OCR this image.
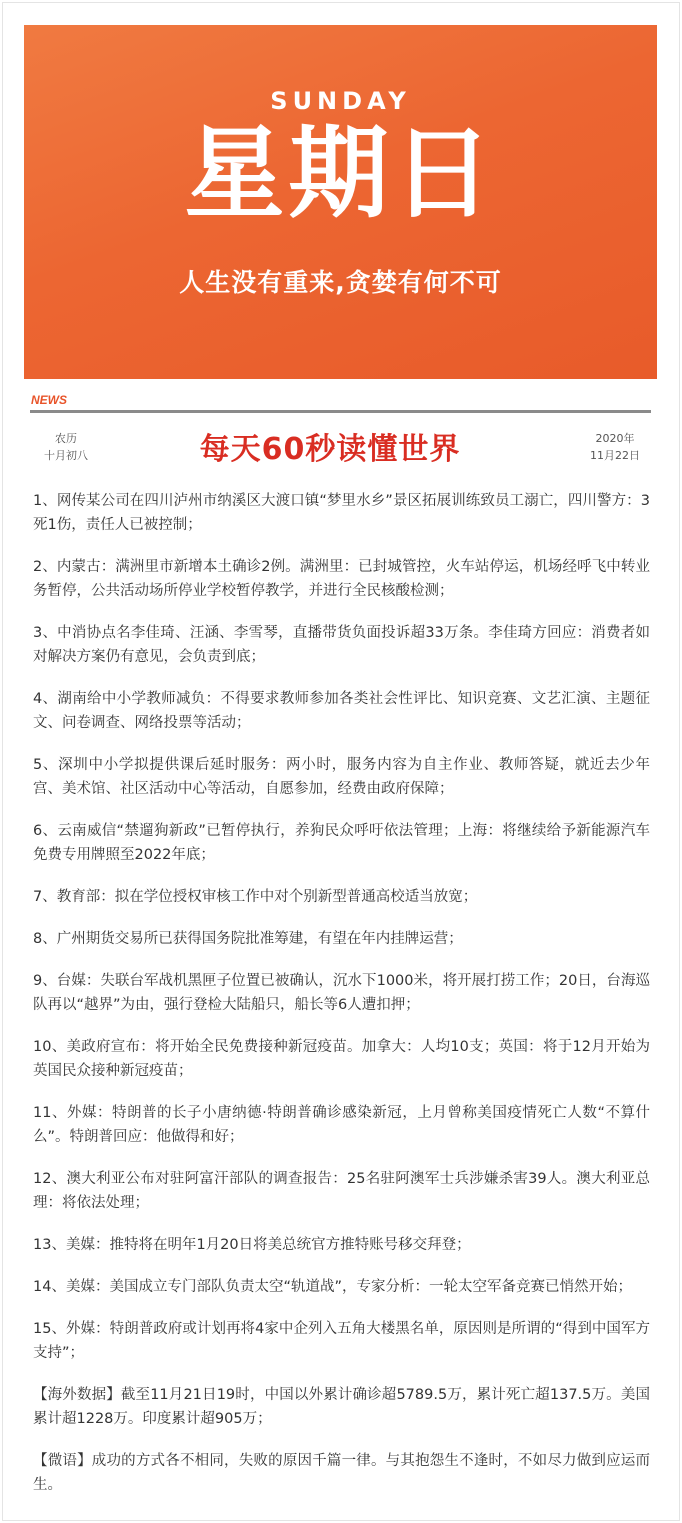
SUNDAY
星期日
人生没有重来,贪婪有何不可
NEWS
农历
十月初八	每天60秒读懂世界	2020年
11月22日

1、网传某公司在四川泸州市纳溪区大渡口镇“梦里水乡”景区拓展训练致员工溺亡，四川警方：3死1伤，责任人已被控制；

2、内蒙古：满洲里市新增本土确诊2例。满洲里：已封城管控，火车站停运，机场经呼飞中转业务暂停，公共活动场所停业学校暂停教学，并进行全民核酸检测；

3、中消协点名李佳琦、汪涵、李雪琴，直播带货负面投诉超33万条。李佳琦方回应：消费者如对解决方案仍有意见，会负责到底；

4、湖南给中小学教师减负：不得要求教师参加各类社会性评比、知识竞赛、文艺汇演、主题征文、问卷调查、网络投票等活动；

5、深圳中小学拟提供课后延时服务：两小时，服务内容为自主作业、教师答疑，就近去少年宫、美术馆、社区活动中心等活动，自愿参加，经费由政府保障；

6、云南威信“禁遛狗新政”已暂停执行，养狗民众呼吁依法管理；上海：将继续给予新能源汽车免费专用牌照至2022年底；

7、教育部：拟在学位授权审核工作中对个别新型普通高校适当放宽；

8、广州期货交易所已获得国务院批准筹建，有望在年内挂牌运营；

9、台媒：失联台军战机黑匣子位置已被确认，沉水下1000米，将开展打捞工作；20日，台海巡队再以“越界”为由，强行登检大陆船只，船长等6人遭扣押；

10、美政府宣布：将开始全民免费接种新冠疫苗。加拿大：人均10支；英国：将于12月开始为英国民众接种新冠疫苗；

11、外媒：特朗普的长子小唐纳德·特朗普确诊感染新冠，上月曾称美国疫情死亡人数“不算什么”。特朗普回应：他做得和好；

12、澳大利亚公布对驻阿富汗部队的调查报告：25名驻阿澳军士兵涉嫌杀害39人。澳大利亚总理：将依法处理；

13、美媒：推特将在明年1月20日将美总统官方推特账号移交拜登；

14、美媒：美国成立专门部队负责太空“轨道战”，专家分析：一轮太空军备竞赛已悄然开始；

15、外媒：特朗普政府或计划再将4家中企列入五角大楼黑名单，原因则是所谓的“得到中国军方支持”；

【海外数据】截至11月21日19时，中国以外累计确诊超5789.5万，累计死亡超137.5万。美国累计超1228万。印度累计超905万；

【微语】成功的方式各不相同，失败的原因千篇一律。与其抱怨生不逢时，不如尽力做到应运而生。
